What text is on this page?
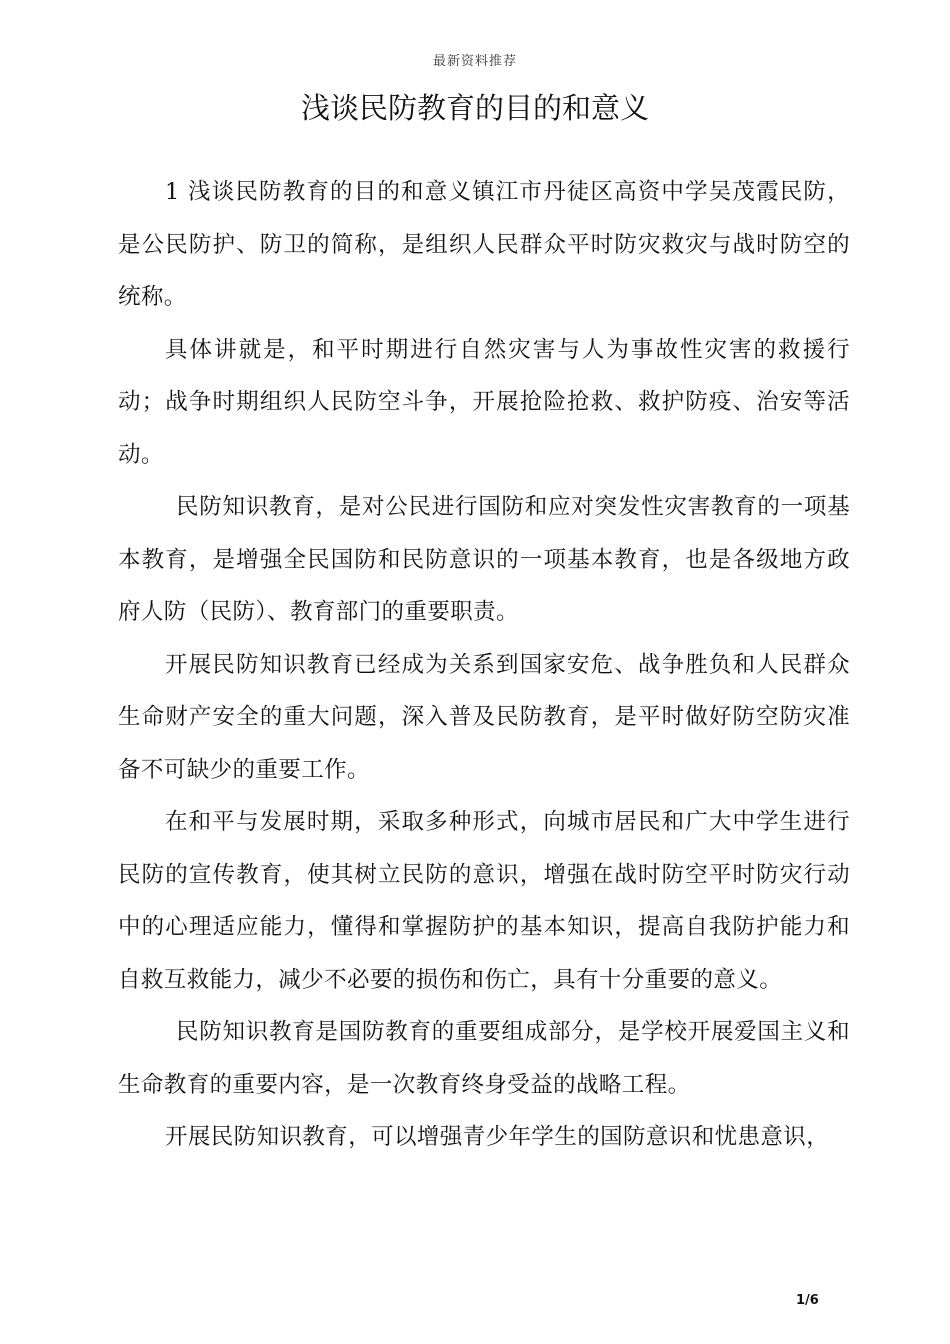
最新资料推荐
浅谈民防教育的目的和意义

1 浅谈民防教育的目的和意义镇江市丹徒区高资中学吴茂霞民防，是公民防护、防卫的简称，是组织人民群众平时防灾救灾与战时防空的统称。

具体讲就是，和平时期进行自然灾害与人为事故性灾害的救援行动；战争时期组织人民防空斗争，开展抢险抢救、救护防疫、治安等活动。

民防知识教育，是对公民进行国防和应对突发性灾害教育的一项基本教育，是增强全民国防和民防意识的一项基本教育，也是各级地方政府人防（民防）、教育部门的重要职责。

开展民防知识教育已经成为关系到国家安危、战争胜负和人民群众生命财产安全的重大问题，深入普及民防教育，是平时做好防空防灾准备不可缺少的重要工作。

在和平与发展时期，采取多种形式，向城市居民和广大中学生进行民防的宣传教育，使其树立民防的意识，增强在战时防空平时防灾行动中的心理适应能力，懂得和掌握防护的基本知识，提高自我防护能力和自救互救能力，减少不必要的损伤和伤亡，具有十分重要的意义。

民防知识教育是国防教育的重要组成部分，是学校开展爱国主义和生命教育的重要内容，是一次教育终身受益的战略工程。

开展民防知识教育，可以增强青少年学生的国防意识和忧患意识，

1/6
